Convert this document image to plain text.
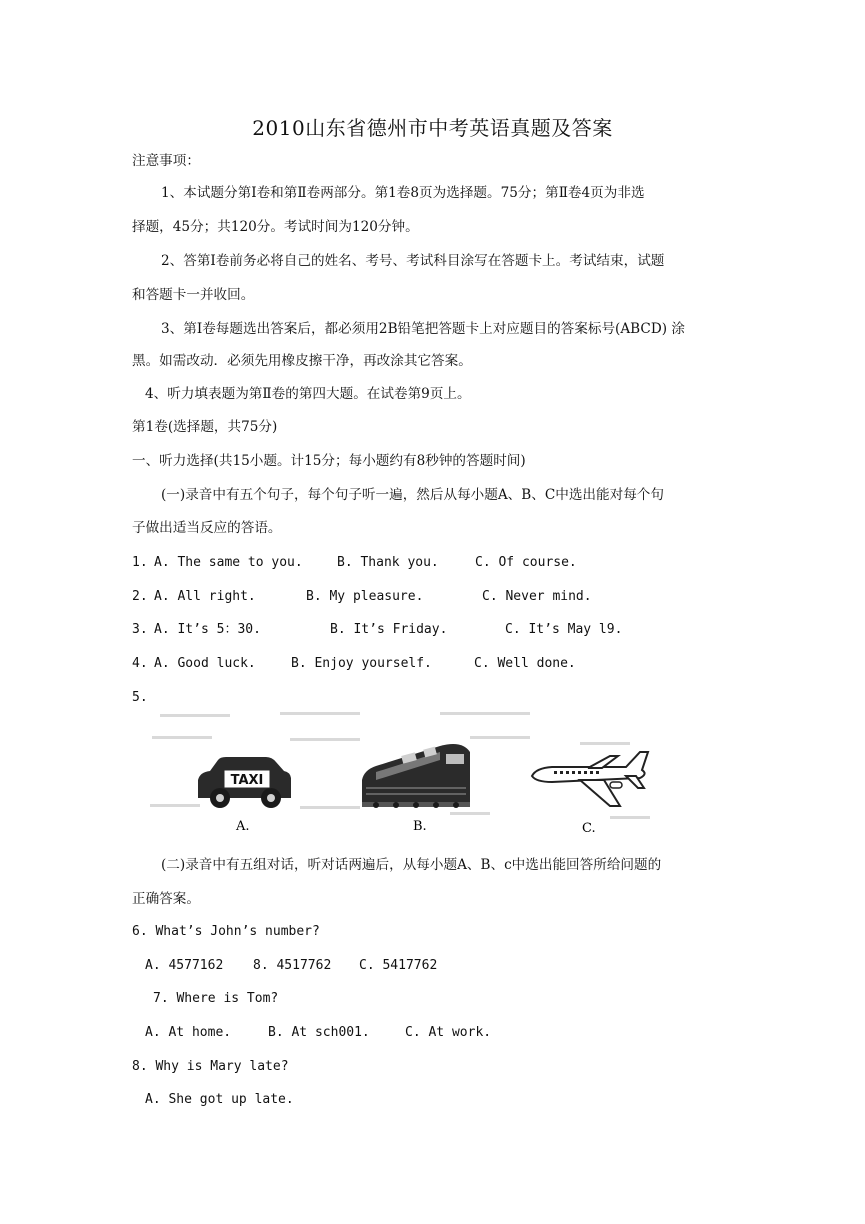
2010山东省德州市中考英语真题及答案
注意事项：
1、本试题分第Ⅰ卷和第Ⅱ卷两部分。第1卷8页为选择题。75分；第Ⅱ卷4页为非选
择题，45分；共120分。考试时间为120分钟。
2、答第Ⅰ卷前务必将自己的姓名、考号、考试科目涂写在答题卡上。考试结束，试题
和答题卡一并收回。
3、第Ⅰ卷每题选出答案后，都必须用2B铅笔把答题卡上对应题目的答案标号(ABCD) 涂
黑。如需改动．必须先用橡皮擦干净，再改涂其它答案。
4、听力填表题为第Ⅱ卷的第四大题。在试卷第9页上。
第1卷(选择题，共75分)
一、听力选择(共15小题。计15分；每小题约有8秒钟的答题时间)
(一)录音中有五个句子，每个句子听一遍，然后从每小题A、B、C中选出能对每个句
子做出适当反应的答语。
1. A. The same to you.	B. Thank you.	C. Of course.
2. A. All right.	B. My pleasure.	C. Never mind.
3. A. It’s 5：30.	B. It’s Friday.	C. It’s May l9.
4. A. Good luck.	B. Enjoy yourself.	C. Well done.
5.
TAXI
A.	B.	C.
(二)录音中有五组对话，听对话两遍后，从每小题A、B、c中选出能回答所给问题的
正确答案。
6. What’s John’s number?
A. 4577162 8. 4517762 C. 5417762
7. Where is Tom?
A. At home.	B. At sch001.	C. At work.
8. Why is Mary late?
A. She got up late.
